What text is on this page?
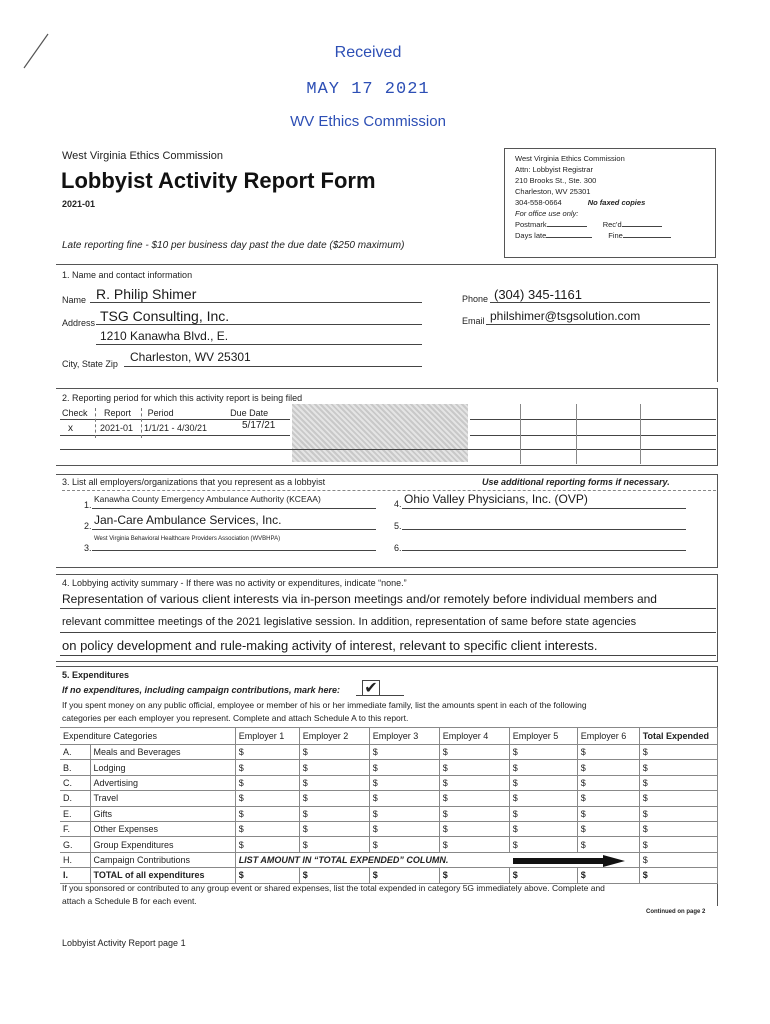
Received
MAY 17 2021
WV Ethics Commission
West Virginia Ethics Commission
Lobbyist Activity Report Form
2021-01
Late reporting fine - $10 per business day past the due date ($250 maximum)
West Virginia Ethics Commission
Attn: Lobbyist Registrar
210 Brooks St., Ste. 300
Charleston, WV 25301
304-558-0664	No faxed copies
For office use only:
Postmark	Rec'd
Days late	Fine
1. Name and contact information
Name R. Philip Shimer
Address TSG Consulting, Inc.
1210 Kanawha Blvd., E.
City, State Zip Charleston, WV 25301
Phone (304) 345-1161
Email philshimer@tsgsolution.com
2. Reporting period for which this activity report is being filed
Check Report Period	Due Date
x	2021-01 1/1/21 - 4/30/21	5/17/21
3. List all employers/organizations that you represent as a lobbyist	Use additional reporting forms if necessary.
1.
Kanawha County Emergency Ambulance Authority (KCEAA)
2. Jan-Care Ambulance Services, Inc.
3.
West Virginia Behavioral Healthcare Providers Association (WVBHPA)
4. Ohio Valley Physicians, Inc. (OVP)
5.
6.
4. Lobbying activity summary - If there was no activity or expenditures, indicate “none.”
Representation of various client interests via in-person meetings and/or remotely before individual members and
relevant committee meetings of the 2021 legislative session. In addition, representation of same before state agencies
on policy development and rule-making activity of interest, relevant to specific client interests.
5. Expenditures
If no expenditures, including campaign contributions, mark here: ✔
If you spent money on any public official, employee or member of his or her immediate family, list the amounts spent in each of the following
categories per each employer you represent. Complete and attach Schedule A to this report.
Expenditure Categories		Employer 1	Employer 2	Employer 3	Employer 4	Employer 5	Employer 6	Total Expended
A.	Meals and Beverages	$	$	$	$	$	$	$
B.	Lodging	$	$	$	$	$	$	$
C.	Advertising	$	$	$	$	$	$	$
D.	Travel	$	$	$	$	$	$	$
E.	Gifts	$	$	$	$	$	$	$
F.	Other Expenses	$	$	$	$	$	$	$
G.	Group Expenditures	$	$	$	$	$	$	$
H.	Campaign Contributions	LIST AMOUNT IN “TOTAL EXPENDED” COLUMN.						$
I.	TOTAL of all expenditures	$	$	$	$	$	$	$
If you sponsored or contributed to any group event or shared expenses, list the total expended in category 5G immediately above. Complete and
attach a Schedule B for each event.
Continued on page 2
Lobbyist Activity Report page 1
